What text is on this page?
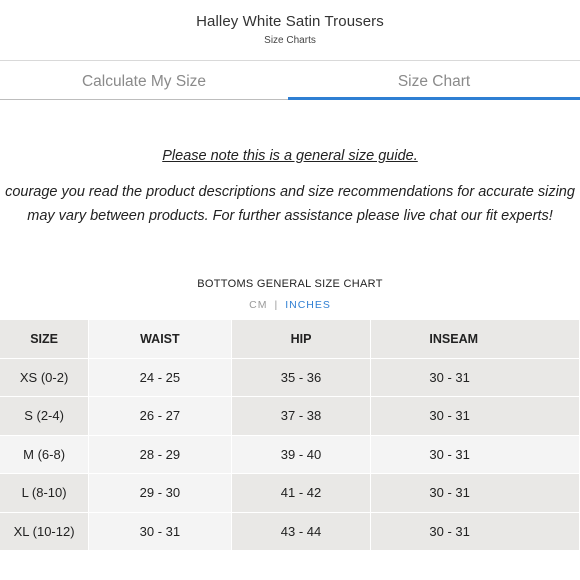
Halley White Satin Trousers
Size Charts
Calculate My Size	Size Chart
Please note this is a general size guide.
courage you read the product descriptions and size recommendations for accurate sizing
may vary between products. For further assistance please live chat our fit experts!
BOTTOMS GENERAL SIZE CHART
CM | INCHES
SIZE	WAIST	HIP	INSEAM
XS (0-2)	24 - 25	35 - 36	30 - 31
S (2-4)	26 - 27	37 - 38	30 - 31
M (6-8)	28 - 29	39 - 40	30 - 31
L (8-10)	29 - 30	41 - 42	30 - 31
XL (10-12)	30 - 31	43 - 44	30 - 31
